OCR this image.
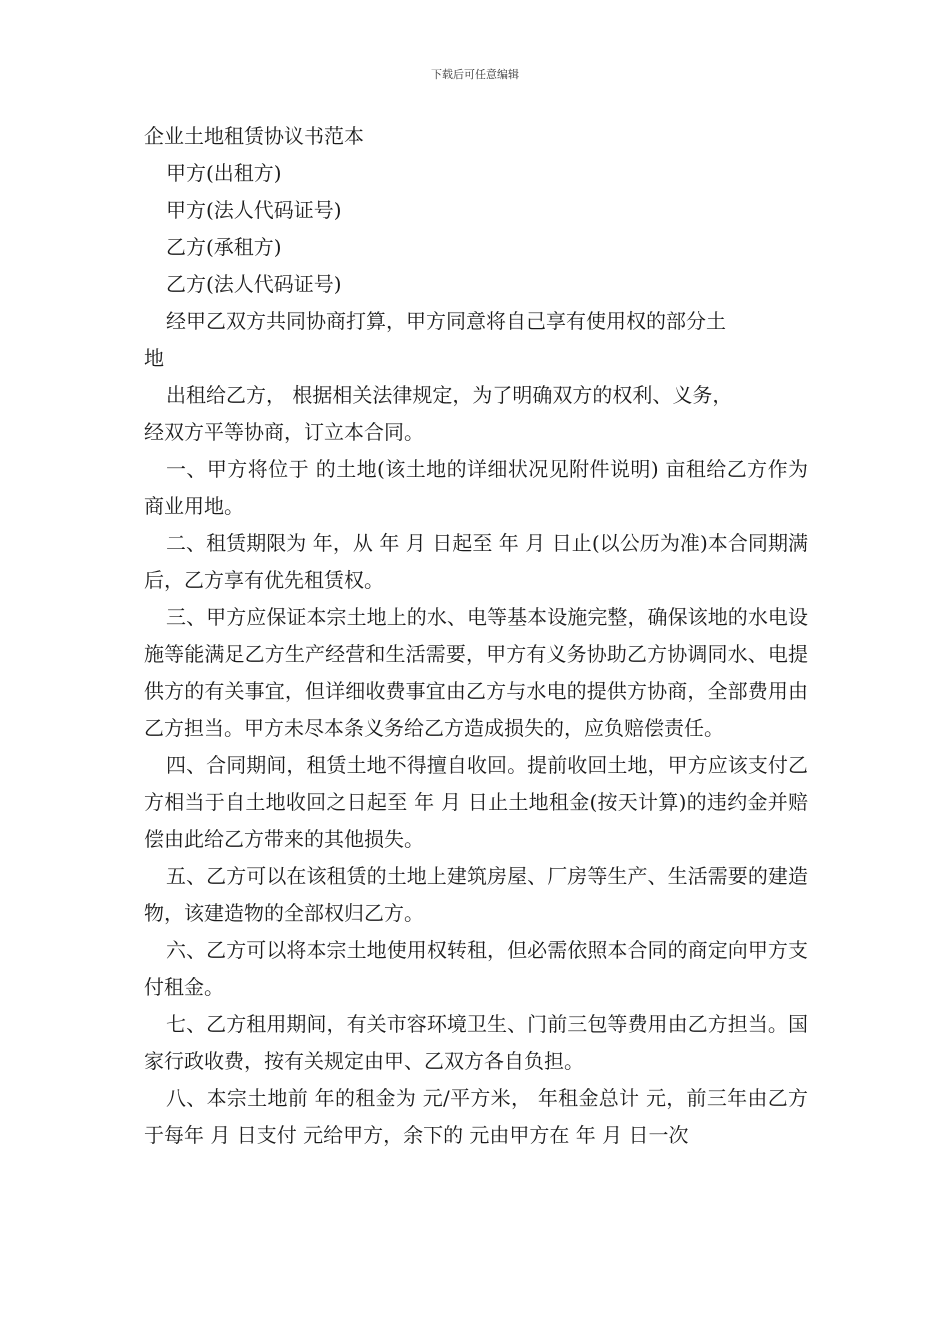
下载后可任意编辑

企业土地租赁协议书范本

甲方(出租方)

甲方(法人代码证号)

乙方(承租方)

乙方(法人代码证号)

经甲乙双方共同协商打算，甲方同意将自己享有使用权的部分土

地

出租给乙方， 根据相关法律规定，为了明确双方的权利、义务，

经双方平等协商，订立本合同。

一、甲方将位于 的土地(该土地的详细状况见附件说明) 亩租给乙方作为商业用地。

二、租赁期限为 年，从 年 月 日起至 年 月 日止(以公历为准)本合同期满后，乙方享有优先租赁权。

三、甲方应保证本宗土地上的水、电等基本设施完整，确保该地的水电设施等能满足乙方生产经营和生活需要，甲方有义务协助乙方协调同水、电提供方的有关事宜，但详细收费事宜由乙方与水电的提供方协商，全部费用由乙方担当。甲方未尽本条义务给乙方造成损失的，应负赔偿责任。

四、合同期间，租赁土地不得擅自收回。提前收回土地，甲方应该支付乙方相当于自土地收回之日起至 年 月 日止土地租金(按天计算)的违约金并赔偿由此给乙方带来的其他损失。

五、乙方可以在该租赁的土地上建筑房屋、厂房等生产、生活需要的建造物，该建造物的全部权归乙方。

六、乙方可以将本宗土地使用权转租，但必需依照本合同的商定向甲方支付租金。

七、乙方租用期间，有关市容环境卫生、门前三包等费用由乙方担当。国家行政收费，按有关规定由甲、乙双方各自负担。

八、本宗土地前 年的租金为 元/平方米， 年租金总计 元，前三年由乙方于每年 月 日支付 元给甲方，余下的 元由甲方在 年 月 日一次
